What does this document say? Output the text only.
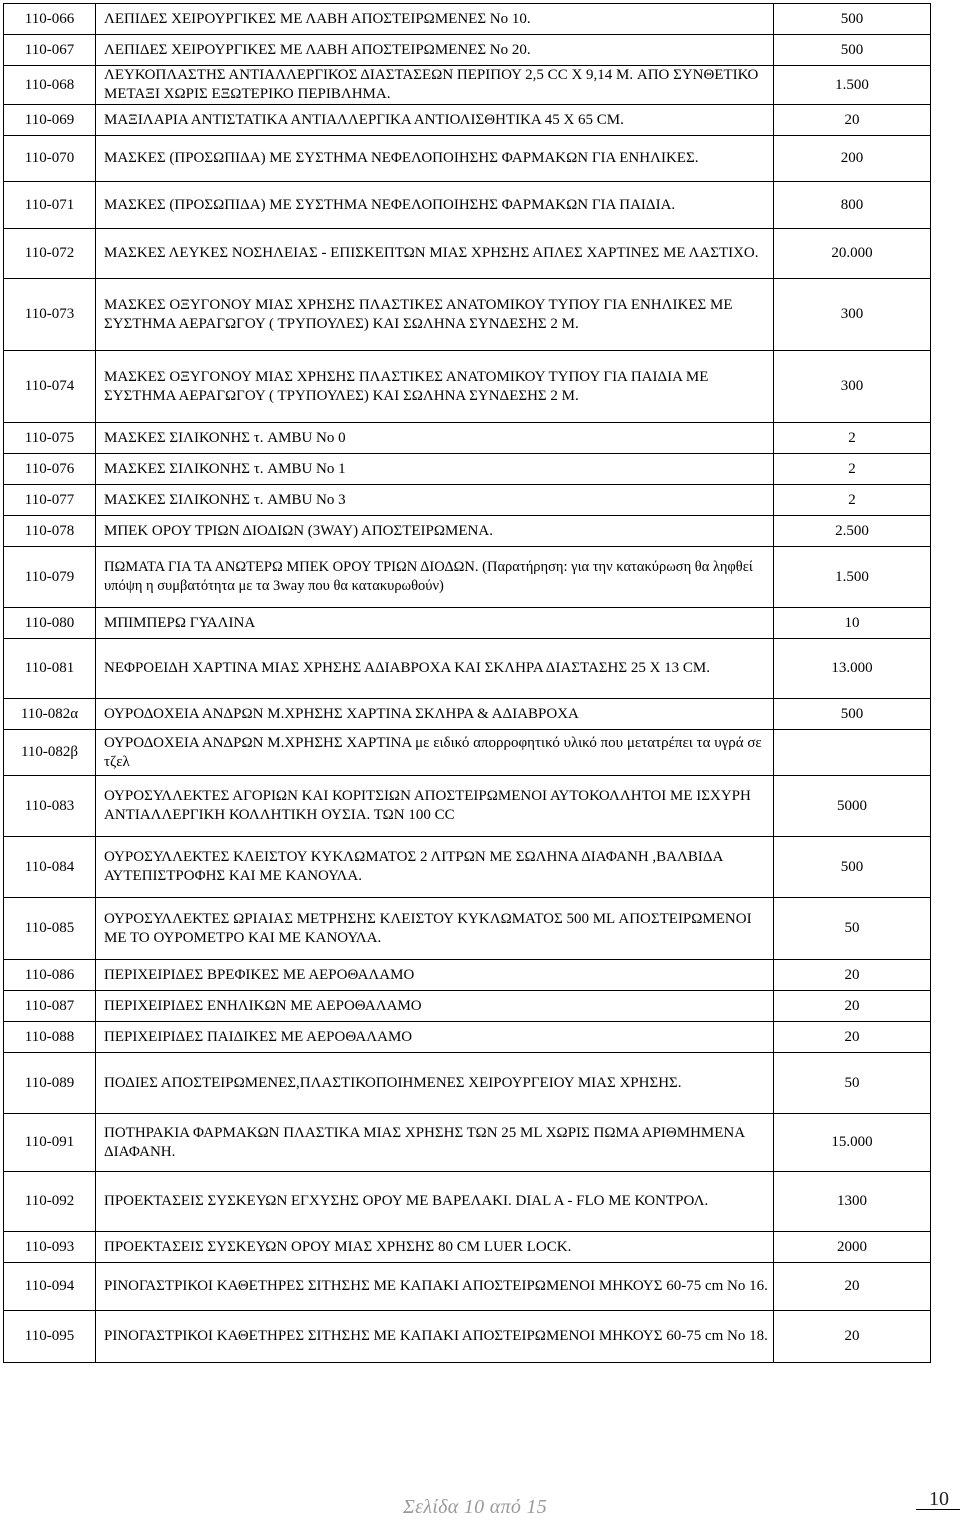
110-066	ΛΕΠΙΔΕΣ ΧΕΙΡΟΥΡΓΙΚΕΣ ΜΕ ΛΑΒΗ ΑΠΟΣΤΕΙΡΩΜΕΝΕΣ Νο 10.	500
110-067	ΛΕΠΙΔΕΣ ΧΕΙΡΟΥΡΓΙΚΕΣ ΜΕ ΛΑΒΗ ΑΠΟΣΤΕΙΡΩΜΕΝΕΣ Νο 20.	500
110-068	ΛΕΥΚΟΠΛΑΣΤΗΣ ΑΝΤΙΑΛΛΕΡΓΙΚΟΣ ΔΙΑΣΤΑΣΕΩΝ ΠΕΡΙΠΟΥ 2,5 CC X 9,14 M. ΑΠΟ ΣΥΝΘΕΤΙΚΟ ΜΕΤΑΞΙ ΧΩΡΙΣ ΕΞΩΤΕΡΙΚΟ ΠΕΡΙΒΛΗΜΑ.	1.500
110-069	ΜΑΞΙΛΑΡΙΑ ΑΝΤΙΣΤΑΤΙΚΑ ΑΝΤΙΑΛΛΕΡΓΙΚΑ ΑΝΤΙΟΛΙΣΘΗΤΙΚΑ 45 Χ 65 CM.	20
110-070	ΜΑΣΚΕΣ (ΠΡΟΣΩΠΙΔΑ) ΜΕ ΣΥΣΤΗΜΑ ΝΕΦΕΛΟΠΟΙΗΣΗΣ ΦΑΡΜΑΚΩΝ ΓΙΑ ΕΝΗΛΙΚΕΣ.	200
110-071	ΜΑΣΚΕΣ (ΠΡΟΣΩΠΙΔΑ) ΜΕ ΣΥΣΤΗΜΑ ΝΕΦΕΛΟΠΟΙΗΣΗΣ ΦΑΡΜΑΚΩΝ ΓΙΑ ΠΑΙΔΙΑ.	800
110-072	ΜΑΣΚΕΣ ΛΕΥΚΕΣ ΝΟΣΗΛΕΙΑΣ - ΕΠΙΣΚΕΠΤΩΝ ΜΙΑΣ ΧΡΗΣΗΣ ΑΠΛΕΣ ΧΑΡΤΙΝΕΣ ΜΕ ΛΑΣΤΙΧΟ.	20.000
110-073	ΜΑΣΚΕΣ ΟΞΥΓΟΝΟΥ ΜΙΑΣ ΧΡΗΣΗΣ ΠΛΑΣΤΙΚΕΣ ΑΝΑΤΟΜΙΚΟΥ ΤΥΠΟΥ ΓΙΑ ΕΝΗΛΙΚΕΣ ΜΕ ΣΥΣΤΗΜΑ ΑΕΡΑΓΩΓΟΥ ( ΤΡΥΠΟΥΛΕΣ) ΚΑΙ ΣΩΛΗΝΑ ΣΥΝΔΕΣΗΣ 2 Μ.	300
110-074	ΜΑΣΚΕΣ ΟΞΥΓΟΝΟΥ ΜΙΑΣ ΧΡΗΣΗΣ ΠΛΑΣΤΙΚΕΣ ΑΝΑΤΟΜΙΚΟΥ ΤΥΠΟΥ ΓΙΑ ΠΑΙΔΙΑ ΜΕ ΣΥΣΤΗΜΑ ΑΕΡΑΓΩΓΟΥ ( ΤΡΥΠΟΥΛΕΣ) ΚΑΙ ΣΩΛΗΝΑ ΣΥΝΔΕΣΗΣ 2 Μ.	300
110-075	ΜΑΣΚΕΣ ΣΙΛΙΚΟΝΗΣ τ. AMBU No 0	2
110-076	ΜΑΣΚΕΣ ΣΙΛΙΚΟΝΗΣ τ. AMBU No 1	2
110-077	ΜΑΣΚΕΣ ΣΙΛΙΚΟΝΗΣ τ. AMBU No 3	2
110-078	ΜΠΕΚ ΟΡΟΥ ΤΡΙΩΝ ΔΙΟΔΙΩΝ (3WAY) ΑΠΟΣΤΕΙΡΩΜΕΝΑ.	2.500
110-079	ΠΩΜΑΤΑ ΓΙΑ ΤΑ ΑΝΩΤΕΡΩ ΜΠΕΚ ΟΡΟΥ ΤΡΙΩΝ ΔΙΟΔΩΝ. (Παρατήρηση: για την κατακύρωση θα ληφθεί υπόψη η συμβατότητα με τα 3way που θα κατακυρωθούν)	1.500
110-080	ΜΠΙΜΠΕΡΩ ΓΥΑΛΙΝΑ	10
110-081	ΝΕΦΡΟΕΙΔΗ ΧΑΡΤΙΝΑ ΜΙΑΣ ΧΡΗΣΗΣ ΑΔΙΑΒΡΟΧΑ ΚΑΙ ΣΚΛΗΡΑ ΔΙΑΣΤΑΣΗΣ 25 Χ 13 CM.	13.000
110-082α	ΟΥΡΟΔΟΧΕΙΑ ΑΝΔΡΩΝ Μ.ΧΡΗΣΗΣ ΧΑΡΤΙΝΑ ΣΚΛΗΡΑ & ΑΔΙΑΒΡΟΧΑ	500
110-082β	ΟΥΡΟΔΟΧΕΙΑ ΑΝΔΡΩΝ Μ.ΧΡΗΣΗΣ ΧΑΡΤΙΝΑ με ειδικό απορροφητικό υλικό που μετατρέπει τα υγρά σε τζελ	
110-083	ΟΥΡΟΣΥΛΛΕΚΤΕΣ ΑΓΟΡΙΩΝ ΚΑΙ ΚΟΡΙΤΣΙΩΝ ΑΠΟΣΤΕΙΡΩΜΕΝΟΙ ΑΥΤΟΚΟΛΛΗΤΟΙ ΜΕ ΙΣΧΥΡΗ ΑΝΤΙΑΛΛΕΡΓΙΚΗ ΚΟΛΛΗΤΙΚΗ ΟΥΣΙΑ. ΤΩΝ 100 CC	5000
110-084	ΟΥΡΟΣΥΛΛΕΚΤΕΣ ΚΛΕΙΣΤΟΥ ΚΥΚΛΩΜΑΤΟΣ 2 ΛΙΤΡΩΝ ΜΕ ΣΩΛΗΝΑ ΔΙΑΦΑΝΗ ,ΒΑΛΒΙΔΑ ΑΥΤΕΠΙΣΤΡΟΦΗΣ ΚΑΙ ΜΕ ΚΑΝΟΥΛΑ.	500
110-085	ΟΥΡΟΣΥΛΛΕΚΤΕΣ ΩΡΙΑΙΑΣ ΜΕΤΡΗΣΗΣ ΚΛΕΙΣΤΟΥ ΚΥΚΛΩΜΑΤΟΣ 500 ML ΑΠΟΣΤΕΙΡΩΜΕΝΟΙ ΜΕ ΤΟ ΟΥΡΟΜΕΤΡΟ ΚΑΙ ΜΕ ΚΑΝΟΥΛΑ.	50
110-086	ΠΕΡΙΧΕΙΡΙΔΕΣ ΒΡΕΦΙΚΕΣ ΜΕ ΑΕΡΟΘΑΛΑΜΟ	20
110-087	ΠΕΡΙΧΕΙΡΙΔΕΣ ΕΝΗΛΙΚΩΝ ΜΕ ΑΕΡΟΘΑΛΑΜΟ	20
110-088	ΠΕΡΙΧΕΙΡΙΔΕΣ ΠΑΙΔΙΚΕΣ ΜΕ ΑΕΡΟΘΑΛΑΜΟ	20
110-089	ΠΟΔΙΕΣ ΑΠΟΣΤΕΙΡΩΜΕΝΕΣ,ΠΛΑΣΤΙΚΟΠΟΙΗΜΕΝΕΣ ΧΕΙΡΟΥΡΓΕΙΟΥ ΜΙΑΣ ΧΡΗΣΗΣ.	50
110-091	ΠΟΤΗΡΑΚΙΑ ΦΑΡΜΑΚΩΝ ΠΛΑΣΤΙΚΑ ΜΙΑΣ ΧΡΗΣΗΣ ΤΩΝ 25 ML ΧΩΡΙΣ ΠΩΜΑ ΑΡΙΘΜΗΜΕΝΑ ΔΙΑΦΑΝΗ.	15.000
110-092	ΠΡΟΕΚΤΑΣΕΙΣ ΣΥΣΚΕΥΩΝ ΕΓΧΥΣΗΣ ΟΡΟΥ ΜΕ ΒΑΡΕΛΑΚΙ. DIAL A - FLO ΜΕ ΚΟΝΤΡΟΛ.	1300
110-093	ΠΡΟΕΚΤΑΣΕΙΣ ΣΥΣΚΕΥΩΝ ΟΡΟΥ ΜΙΑΣ ΧΡΗΣΗΣ 80 CM LUER LOCK.	2000
110-094	ΡΙΝΟΓΑΣΤΡΙΚΟΙ ΚΑΘΕΤΗΡΕΣ ΣΙΤΗΣΗΣ ΜΕ ΚΑΠΑΚΙ ΑΠΟΣΤΕΙΡΩΜΕΝΟΙ ΜΗΚΟΥΣ 60-75 cm No 16.	20
110-095	ΡΙΝΟΓΑΣΤΡΙΚΟΙ ΚΑΘΕΤΗΡΕΣ ΣΙΤΗΣΗΣ ΜΕ ΚΑΠΑΚΙ ΑΠΟΣΤΕΙΡΩΜΕΝΟΙ ΜΗΚΟΥΣ 60-75 cm No 18.	20
Σελίδα 10 από 15	10
